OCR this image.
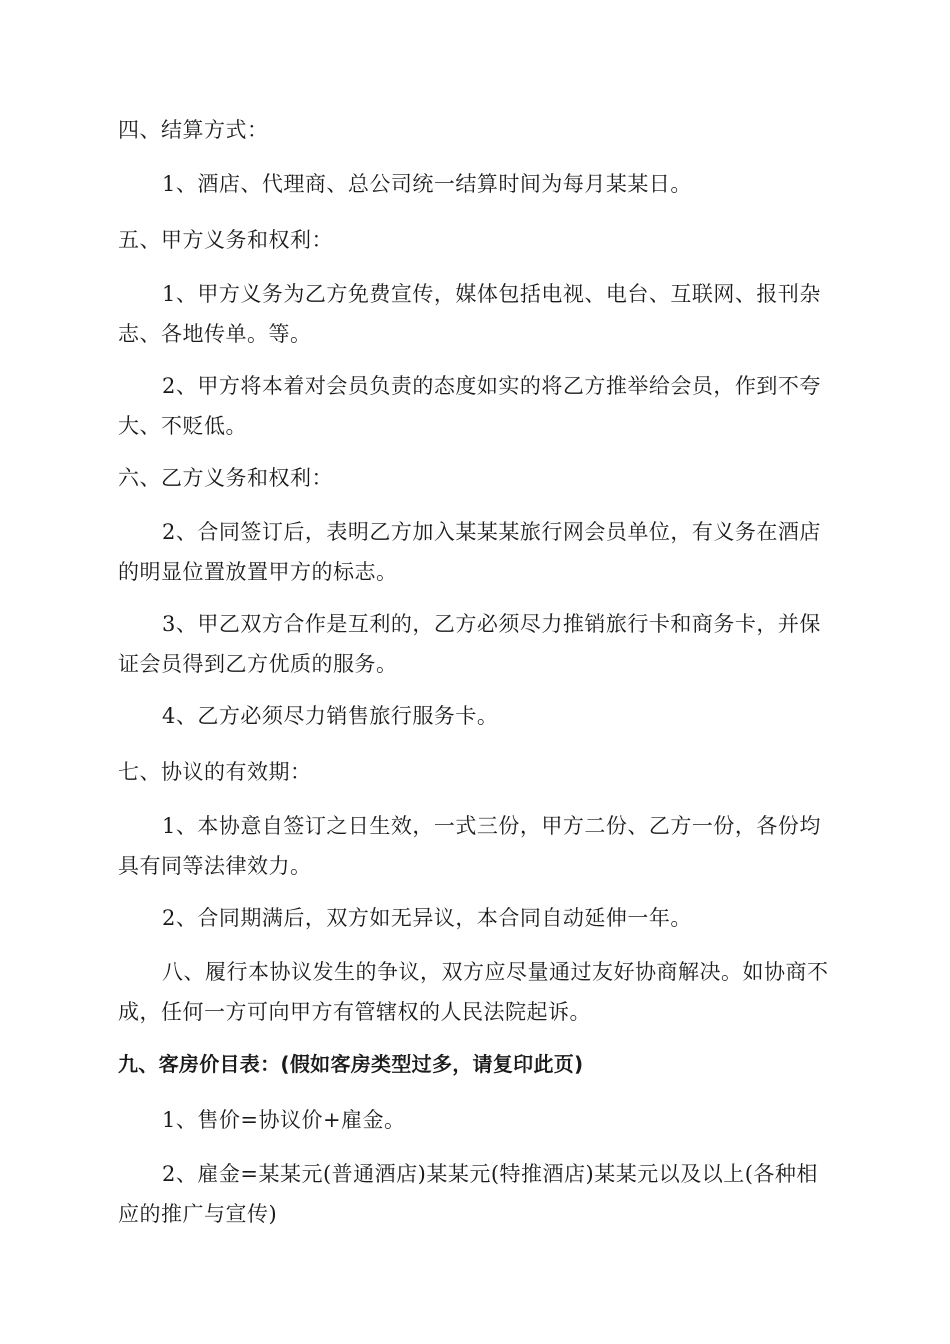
四、结算方式：

1、酒店、代理商、总公司统一结算时间为每月某某日。

五、甲方义务和权利：

1、甲方义务为乙方免费宣传，媒体包括电视、电台、互联网、报刊杂志、各地传单。等。

2、甲方将本着对会员负责的态度如实的将乙方推举给会员，作到不夸大、不贬低。

六、乙方义务和权利：

2、合同签订后，表明乙方加入某某某旅行网会员单位，有义务在酒店的明显位置放置甲方的标志。

3、甲乙双方合作是互利的，乙方必须尽力推销旅行卡和商务卡，并保证会员得到乙方优质的服务。

4、乙方必须尽力销售旅行服务卡。

七、协议的有效期：

1、本协意自签订之日生效，一式三份，甲方二份、乙方一份，各份均具有同等法律效力。

2、合同期满后，双方如无异议，本合同自动延伸一年。

八、履行本协议发生的争议，双方应尽量通过友好协商解决。如协商不成，任何一方可向甲方有管辖权的人民法院起诉。

九、客房价目表：(假如客房类型过多，请复印此页)

1、售价=协议价+雇金。

2、雇金=某某元(普通酒店)某某元(特推酒店)某某元以及以上(各种相应的推广与宣传)
